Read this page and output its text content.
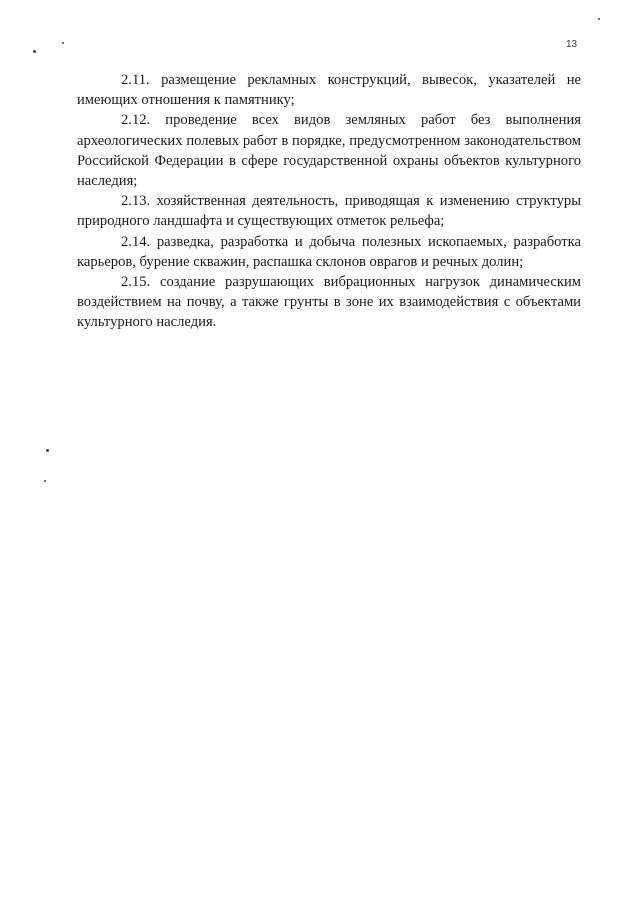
13

2.11. размещение рекламных конструкций, вывесок, указателей не имеющих отношения к памятнику;

2.12. проведение всех видов земляных работ без выполнения археологических полевых работ в порядке, предусмотренном законодательством Российской Федерации в сфере государственной охраны объектов культурного наследия;

2.13. хозяйственная деятельность, приводящая к изменению структуры природного ландшафта и существующих отметок рельефа;

2.14. разведка, разработка и добыча полезных ископаемых, разработка карьеров, бурение скважин, распашка склонов оврагов и речных долин;

2.15. создание разрушающих вибрационных нагрузок динамическим воздействием на почву, а также грунты в зоне их взаимодействия с объектами культурного наследия.
